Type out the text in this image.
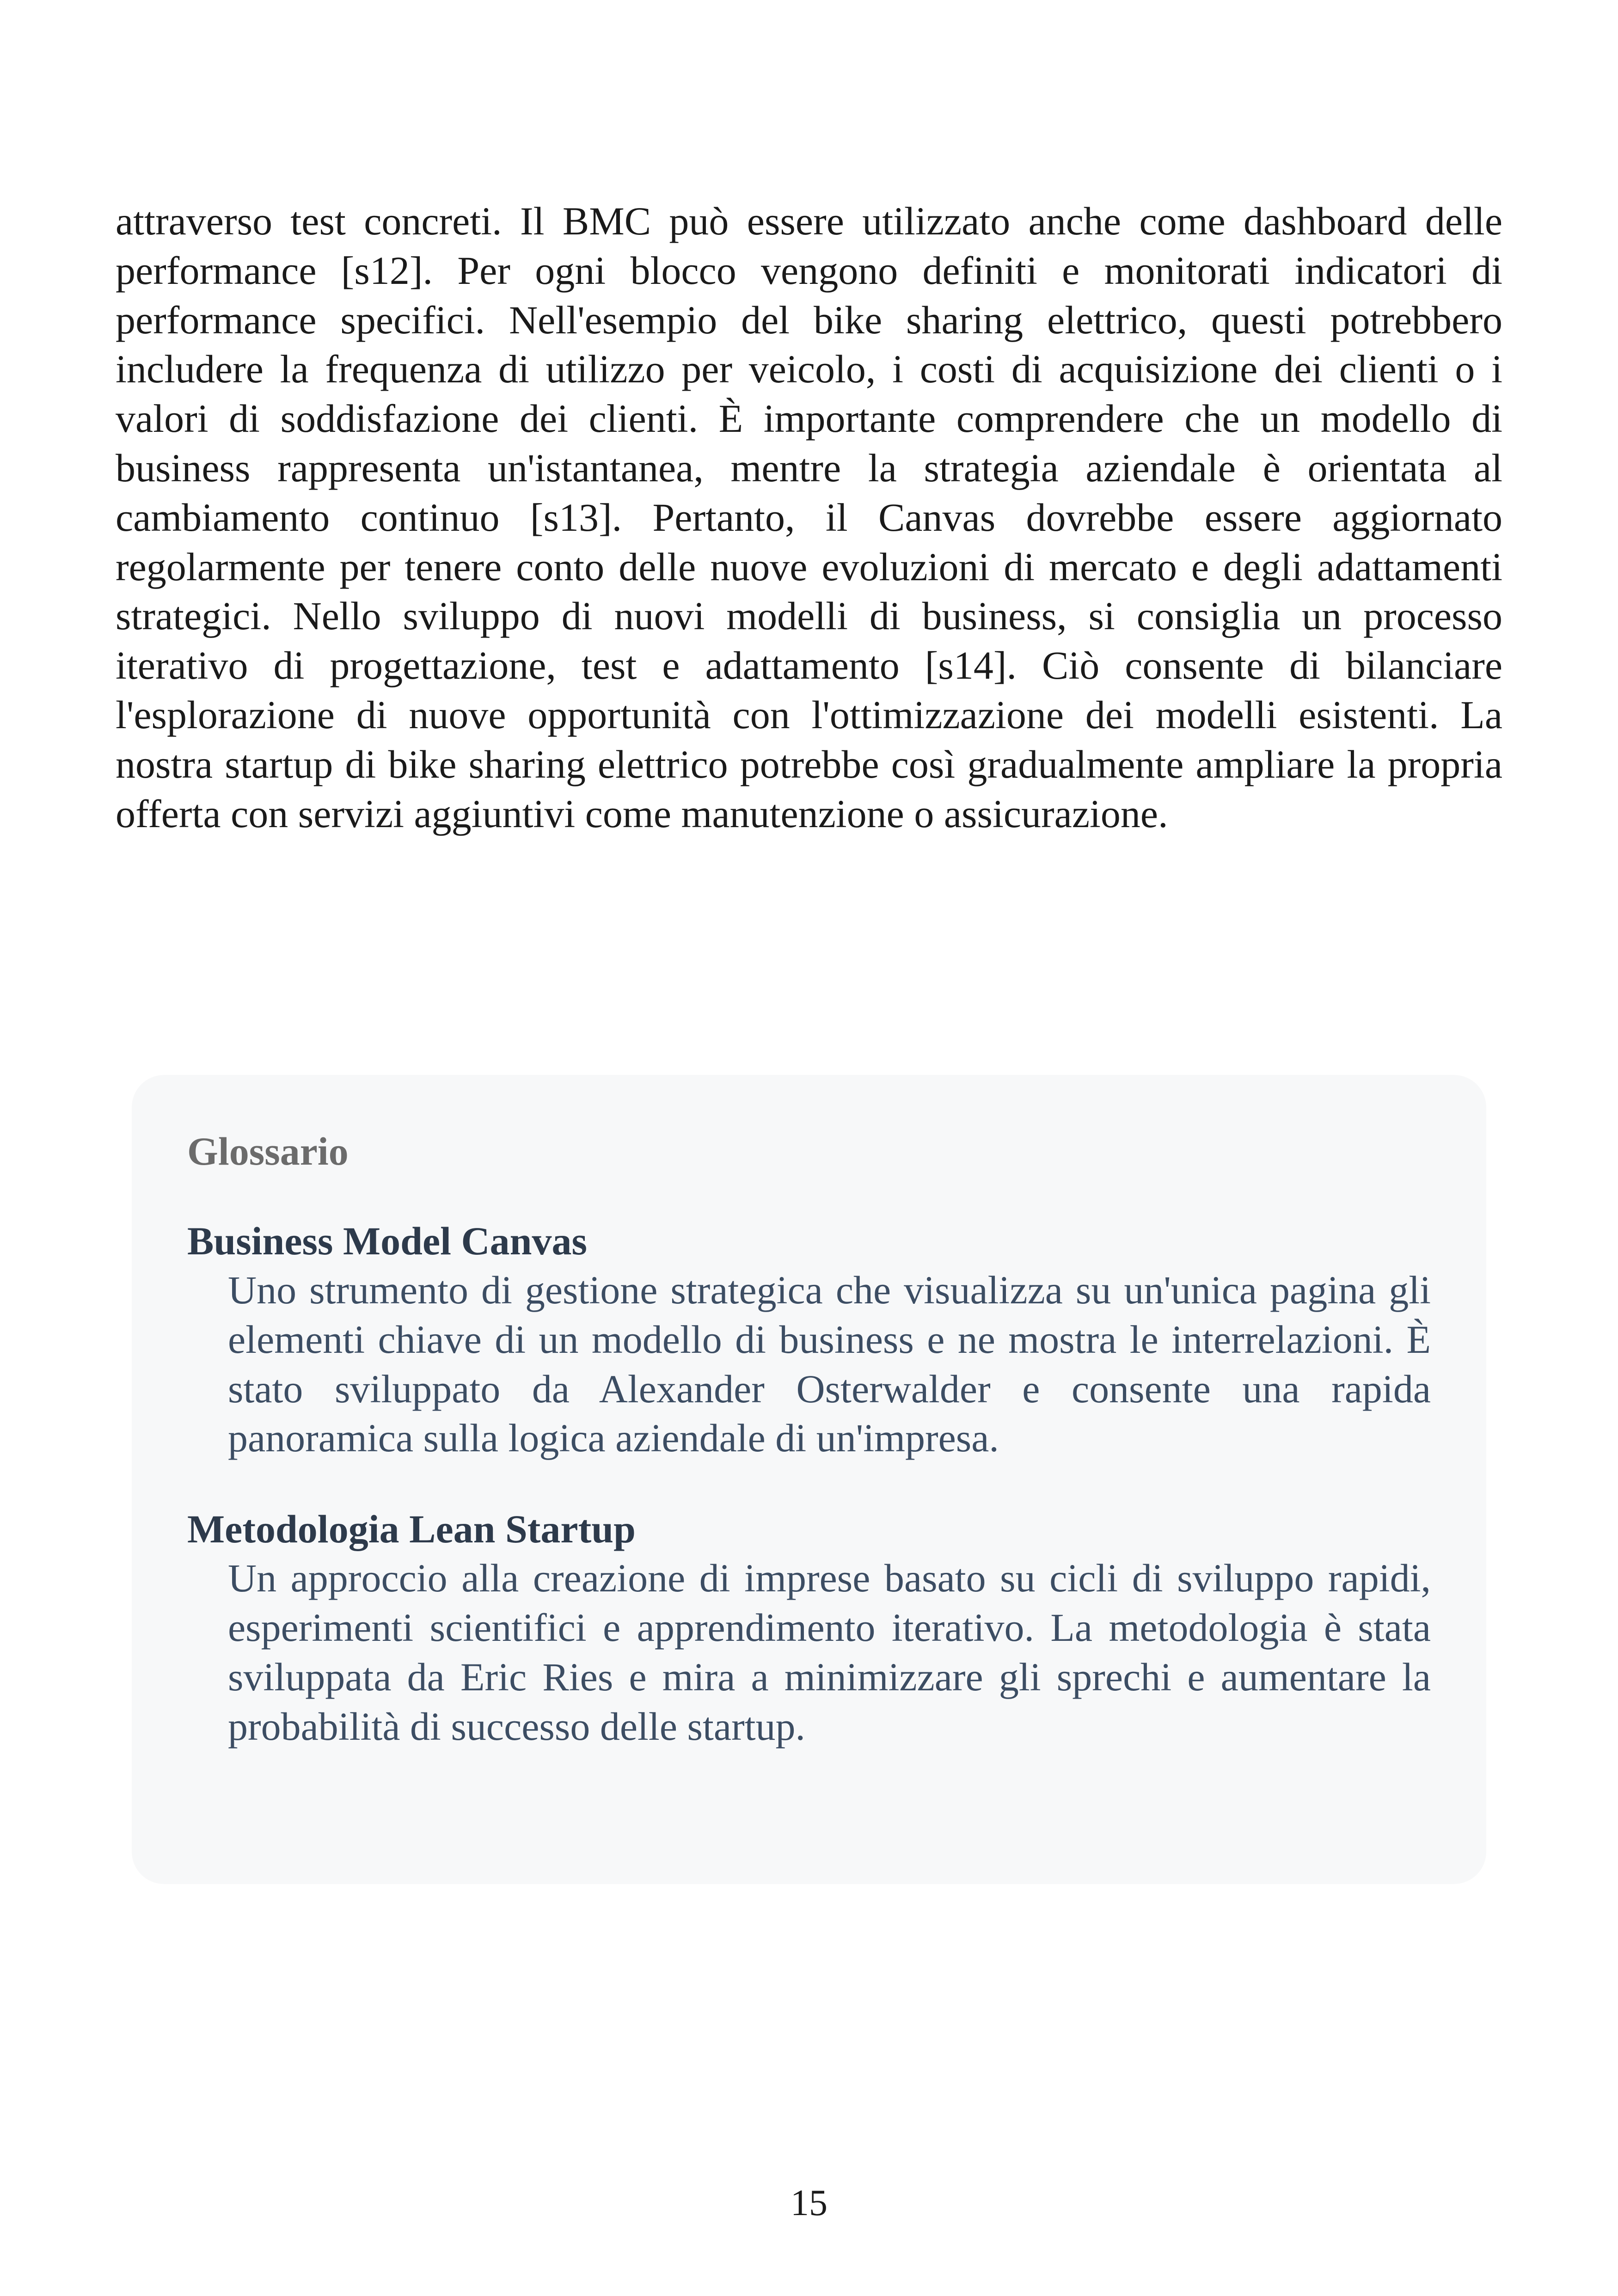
attraverso test concreti. Il BMC può essere utilizzato anche come dashboard delle performance [s12]. Per ogni blocco vengono definiti e monitorati indicatori di performance specifici. Nell'esempio del bike sharing elettrico, questi potrebbero includere la frequenza di utilizzo per veicolo, i costi di acquisizione dei clienti o i valori di soddisfazione dei clienti. È importante comprendere che un modello di business rappresenta un'istantanea, mentre la strategia aziendale è orientata al cambiamento continuo [s13]. Pertanto, il Canvas dovrebbe essere aggiornato regolarmente per tenere conto delle nuove evoluzioni di mercato e degli adattamenti strategici. Nello sviluppo di nuovi modelli di business, si consiglia un processo iterativo di progettazione, test e adattamento [s14]. Ciò consente di bilanciare l'esplorazione di nuove opportunità con l'ottimizzazione dei modelli esistenti. La nostra startup di bike sharing elettrico potrebbe così gradualmente ampliare la propria offerta con servizi aggiuntivi come manutenzione o assicurazione.

Glossario

Business Model Canvas

Uno strumento di gestione strategica che visualizza su un'unica pagina gli elementi chiave di un modello di business e ne mostra le interrelazioni. È stato sviluppato da Alexander Osterwalder e consente una rapida panoramica sulla logica aziendale di un'impresa.

Metodologia Lean Startup

Un approccio alla creazione di imprese basato su cicli di sviluppo rapidi, esperimenti scientifici e apprendimento iterativo. La metodologia è stata sviluppata da Eric Ries e mira a minimizzare gli sprechi e aumentare la probabilità di successo delle startup.

15
